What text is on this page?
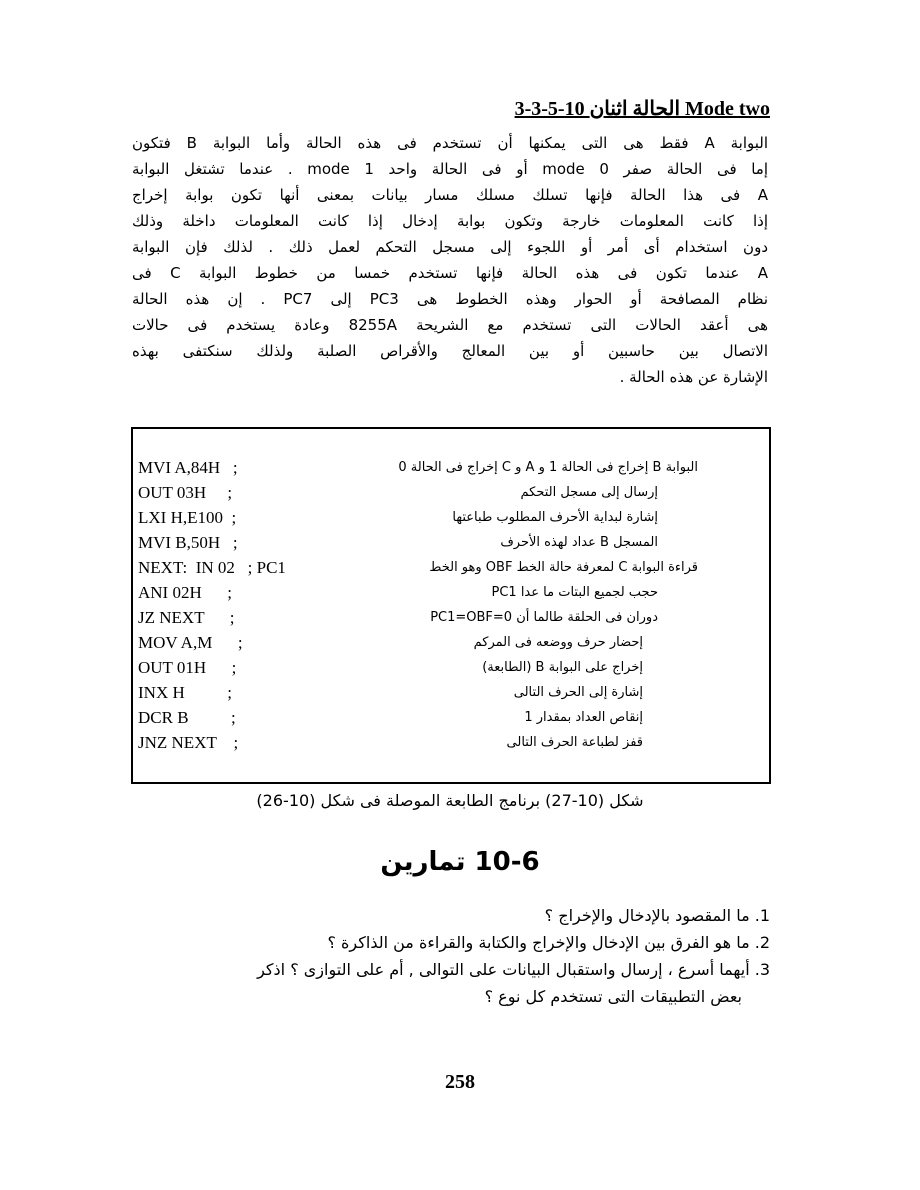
3-3-5-10 الحالة اثنان Mode two
البوابة A فقط هى التى يمكنها أن تستخدم فى هذه الحالة وأما البوابة B فتكون
إما فى الحالة صفر mode 0 أو فى الحالة واحد mode 1 . عندما تشتغل البوابة
A فى هذا الحالة فإنها تسلك مسلك مسار بيانات بمعنى أنها تكون بوابة إخراج
إذا كانت المعلومات خارجة وتكون بوابة إدخال إذا كانت المعلومات داخلة وذلك
دون استخدام أى أمر أو اللجوء إلى مسجل التحكم لعمل ذلك . لذلك فإن البوابة
A عندما تكون فى هذه الحالة فإنها تستخدم خمسا من خطوط البوابة C فى
نظام المصافحة أو الحوار وهذه الخطوط هى PC3 إلى PC7 . إن هذه الحالة
هى أعقد الحالات التى تستخدم مع الشريحة 8255A وعادة يستخدم فى حالات
الاتصال بين حاسبين أو بين المعالج والأقراص الصلبة ولذلك سنكتفى بهذه
الإشارة عن هذه الحالة .
MVI A,84H   ;	البوابة B إخراج فى الحالة 1 و A و C إخراج فى الحالة 0
OUT 03H     ;	إرسال إلى مسجل التحكم
LXI H,E100  ;	إشارة لبداية الأحرف المطلوب طباعتها
MVI B,50H   ;	المسجل B عداد لهذه الأحرف
NEXT:  IN 02   ; PC1	قراءة البوابة C لمعرفة حالة الخط OBF وهو الخط
ANI 02H      ;	حجب لجميع البتات ما عدا PC1
JZ NEXT      ;	دوران فى الحلقة طالما أن PC1=OBF=0
MOV A,M      ;	إحضار حرف ووضعه فى المركم
OUT 01H      ;	إخراج على البوابة B (الطابعة)
INX H          ;	إشارة إلى الحرف التالى
DCR B          ;	إنقاص العداد بمقدار 1
JNZ NEXT    ;	قفز لطباعة الحرف التالى
شكل (10-27) برنامج الطابعة الموصلة فى شكل (10-26)
10-6 تمارين
1. ما المقصود بالإدخال والإخراج ؟
2. ما هو الفرق بين الإدخال والإخراج والكتابة والقراءة من الذاكرة ؟
3. أيهما أسرع ، إرسال واستقبال البيانات على التوالى , أم على التوازى ؟ اذكر
بعض التطبيقات التى تستخدم كل نوع ؟
258
